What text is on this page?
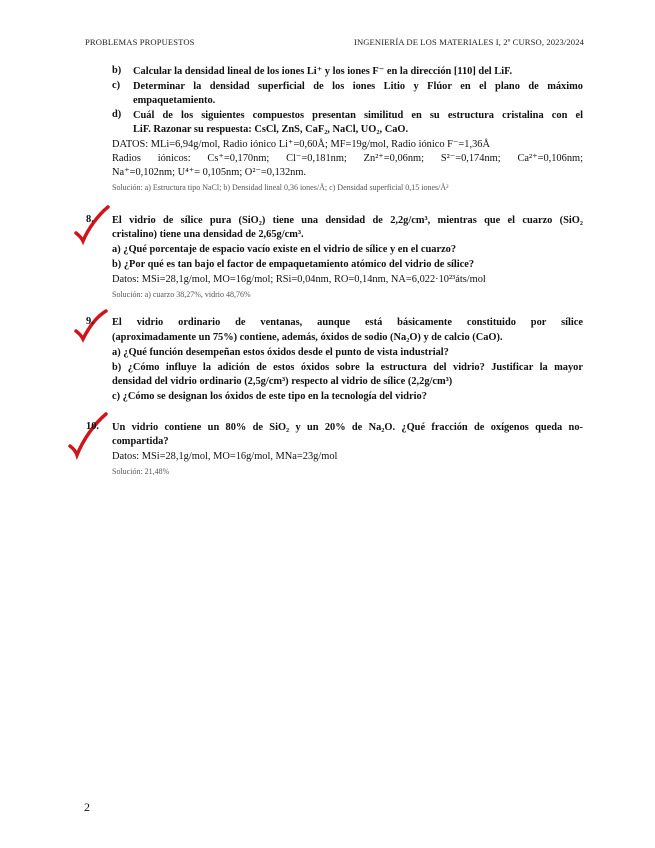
PROBLEMAS PROPUESTOS	INGENIERÍA DE LOS MATERIALES I, 2º CURSO, 2023/2024
b) Calcular la densidad lineal de los iones Li⁺ y los iones F⁻ en la dirección [110] del LiF.
c) Determinar la densidad superficial de los iones Litio y Flúor en el plano de máximo
empaquetamiento.
d) Cuál de los siguientes compuestos presentan similitud en su estructura cristalina con el
LiF. Razonar su respuesta: CsCl, ZnS, CaF₂, NaCl, UO₂, CaO.
DATOS: MLi=6,94g/mol, Radio iónico Li⁺=0,60Å; MF=19g/mol, Radio iónico F⁻=1,36Å
Radios iónicos: Cs⁺=0,170nm; Cl⁻=0,181nm; Zn²⁺=0,06nm; S²⁻=0,174nm; Ca²⁺=0,106nm;
Na⁺=0,102nm; U⁴⁺= 0,105nm; O²⁻=0,132nm.
Solución: a) Estructura tipo NaCl; b) Densidad lineal 0,36 iones/Å; c) Densidad superficial 0,15 iones/Å²
8. El vidrio de sílice pura (SiO₂) tiene una densidad de 2,2g/cm³, mientras que el cuarzo (SiO₂
cristalino) tiene una densidad de 2,65g/cm³.
a) ¿Qué porcentaje de espacio vacío existe en el vidrio de sílice y en el cuarzo?
b) ¿Por qué es tan bajo el factor de empaquetamiento atómico del vidrio de sílice?
Datos: MSi=28,1g/mol, MO=16g/mol; RSi=0,04nm, RO=0,14nm, NA=6,022·10²³áts/mol
Solución: a) cuarzo 38,27%, vidrio 48,76%
9. El vidrio ordinario de ventanas, aunque está básicamente constituido por sílice
(aproximadamente un 75%) contiene, además, óxidos de sodio (Na₂O) y de calcio (CaO).
a) ¿Qué función desempeñan estos óxidos desde el punto de vista industrial?
b) ¿Cómo influye la adición de estos óxidos sobre la estructura del vidrio? Justificar la mayor
densidad del vidrio ordinario (2,5g/cm³) respecto al vidrio de sílice (2,2g/cm³)
c) ¿Cómo se designan los óxidos de este tipo en la tecnología del vidrio?
10. Un vidrio contiene un 80% de SiO₂ y un 20% de Na₂O. ¿Qué fracción de oxígenos queda no-
compartida?
Datos: MSi=28,1g/mol, MO=16g/mol, MNa=23g/mol
Solución: 21,48%
2
